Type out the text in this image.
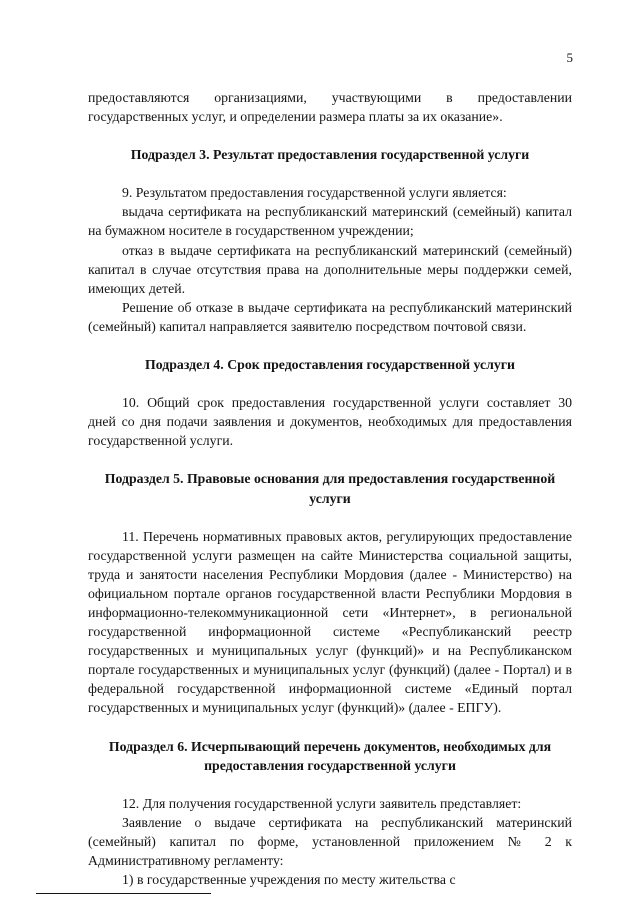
5

предоставляются организациями, участвующими в предоставлении государственных услуг, и определении размера платы за их оказание».

Подраздел 3. Результат предоставления государственной услуги

9. Результатом предоставления государственной услуги является:

выдача сертификата на республиканский материнский (семейный) капитал на бумажном носителе в государственном учреждении;

отказ в выдаче сертификата на республиканский материнский (семейный) капитал в случае отсутствия права на дополнительные меры поддержки семей, имеющих детей.

Решение об отказе в выдаче сертификата на республиканский материнский (семейный) капитал направляется заявителю посредством почтовой связи.

Подраздел 4. Срок предоставления государственной услуги

10. Общий срок предоставления государственной услуги составляет 30 дней со дня подачи заявления и документов, необходимых для предоставления государственной услуги.

Подраздел 5. Правовые основания для предоставления государственной услуги

11. Перечень нормативных правовых актов, регулирующих предоставление государственной услуги размещен на сайте Министерства социальной защиты, труда и занятости населения Республики Мордовия (далее - Министерство) на официальном портале органов государственной власти Республики Мордовия в информационно-телекоммуникационной сети «Интернет», в региональной государственной информационной системе «Республиканский реестр государственных и муниципальных услуг (функций)» и на Республиканском портале государственных и муниципальных услуг (функций) (далее - Портал) и в федеральной государственной информационной системе «Единый портал государственных и муниципальных услуг (функций)» (далее - ЕПГУ).

Подраздел 6. Исчерпывающий перечень документов, необходимых для предоставления государственной услуги

12. Для получения государственной услуги заявитель представляет:

Заявление о выдаче сертификата на республиканский материнский (семейный) капитал по форме, установленной приложением № 2 к Административному регламенту:

1) в государственные учреждения по месту жительства с
